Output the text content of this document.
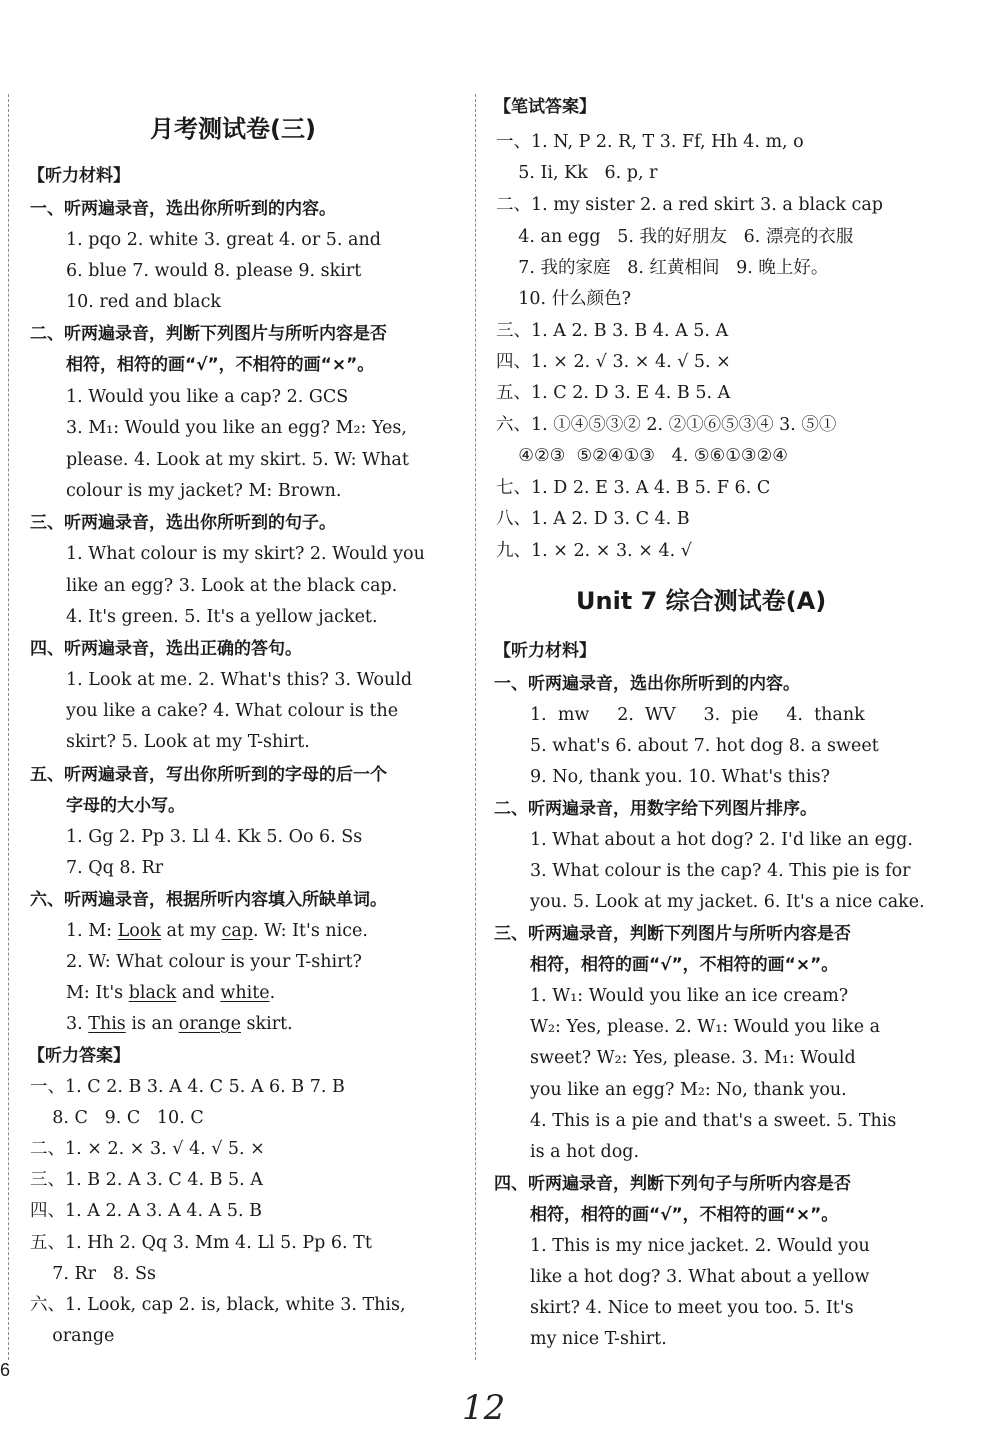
月考测试卷(三)
【听力材料】
一、听两遍录音，选出你所听到的内容。
1. pqo 2. white 3. great 4. or 5. and
6. blue 7. would 8. please 9. skirt
10. red and black
二、听两遍录音，判断下列图片与所听内容是否
相符，相符的画“√”，不相符的画“×”。
1. Would you like a cap? 2. GCS
3. M₁: Would you like an egg? M₂: Yes,
please. 4. Look at my skirt. 5. W: What
colour is my jacket? M: Brown.
三、听两遍录音，选出你所听到的句子。
1. What colour is my skirt? 2. Would you
like an egg? 3. Look at the black cap.
4. It's green. 5. It's a yellow jacket.
四、听两遍录音，选出正确的答句。
1. Look at me. 2. What's this? 3. Would
you like a cake? 4. What colour is the
skirt? 5. Look at my T-shirt.
五、听两遍录音，写出你所听到的字母的后一个
字母的大小写。
1. Gg 2. Pp 3. Ll 4. Kk 5. Oo 6. Ss
7. Qq 8. Rr
六、听两遍录音，根据所听内容填入所缺单词。
1. M: Look at my cap. W: It's nice.
2. W: What colour is your T-shirt?
M: It's black and white.
3. This is an orange skirt.
【听力答案】
一、1. C 2. B 3. A 4. C 5. A 6. B 7. B
8. C   9. C   10. C
二、1. × 2. × 3. √ 4. √ 5. ×
三、1. B 2. A 3. C 4. B 5. A
四、1. A 2. A 3. A 4. A 5. B
五、1. Hh 2. Qq 3. Mm 4. Ll 5. Pp 6. Tt
7. Rr   8. Ss
六、1. Look, cap 2. is, black, white 3. This,
orange
【笔试答案】
一、1. N, P 2. R, T 3. Ff, Hh 4. m, o
5. Ii, Kk   6. p, r
二、1. my sister 2. a red skirt 3. a black cap
4. an egg   5. 我的好朋友   6. 漂亮的衣服
7. 我的家庭   8. 红黄相间   9. 晚上好。
10. 什么颜色?
三、1. A 2. B 3. B 4. A 5. A
四、1. × 2. √ 3. × 4. √ 5. ×
五、1. C 2. D 3. E 4. B 5. A
六、1. ①④⑤③② 2. ②①⑥⑤③④ 3. ⑤①
④②③  ⑤②④①③   4. ⑤⑥①③②④
七、1. D 2. E 3. A 4. B 5. F 6. C
八、1. A 2. D 3. C 4. B
九、1. × 2. × 3. × 4. √
Unit 7 综合测试卷(A)
【听力材料】
一、听两遍录音，选出你所听到的内容。
1.  mw     2.  WV     3.  pie     4.  thank
5. what's 6. about 7. hot dog 8. a sweet
9. No, thank you. 10. What's this?
二、听两遍录音，用数字给下列图片排序。
1. What about a hot dog? 2. I'd like an egg.
3. What colour is the cap? 4. This pie is for
you. 5. Look at my jacket. 6. It's a nice cake.
三、听两遍录音，判断下列图片与所听内容是否
相符，相符的画“√”，不相符的画“×”。
1. W₁: Would you like an ice cream?
W₂: Yes, please. 2. W₁: Would you like a
sweet? W₂: Yes, please. 3. M₁: Would
you like an egg? M₂: No, thank you.
4. This is a pie and that's a sweet. 5. This
is a hot dog.
四、听两遍录音，判断下列句子与所听内容是否
相符，相符的画“√”，不相符的画“×”。
1. This is my nice jacket. 2. Would you
like a hot dog? 3. What about a yellow
skirt? 4. Nice to meet you too. 5. It's
my nice T-shirt.
6
12
